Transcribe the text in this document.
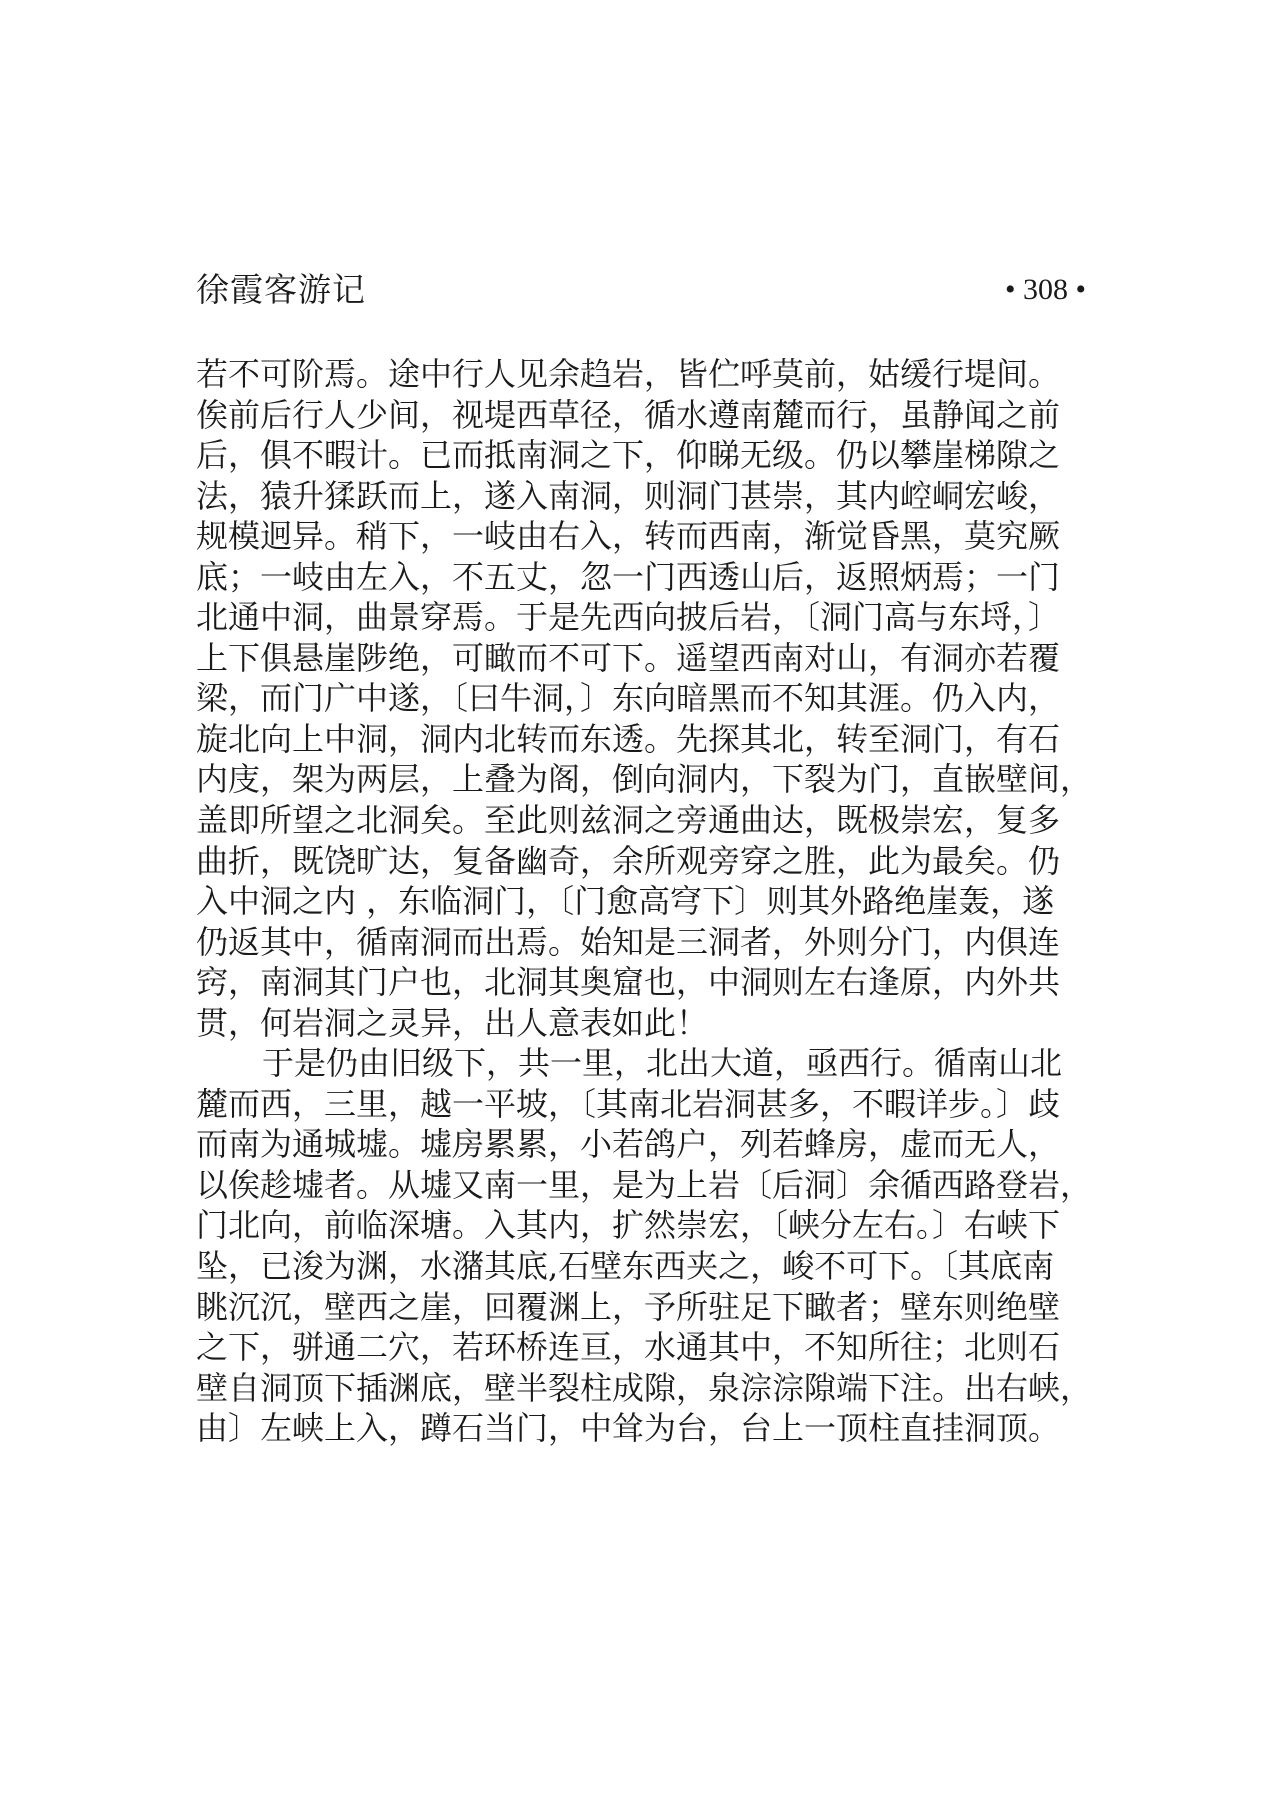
徐霞客游记	• 308 •
若不可阶焉。途中行人见余趋岩，皆伫呼莫前，姑缓行堤间。
俟前后行人少间，视堤西草径，循水遵南麓而行，虽静闻之前
后，俱不暇计。已而抵南洞之下，仰睇无级。仍以攀崖梯隙之
法，猿升猱跃而上，遂入南洞，则洞门甚崇，其内崆峒宏峻，
规模迥异。稍下，一岐由右入，转而西南，渐觉昏黑，莫究厥
底；一岐由左入，不五丈，忽一门西透山后，返照炳焉；一门
北通中洞，曲景穿焉。于是先西向披后岩，〔洞门高与东埒，〕
上下俱悬崖陟绝，可瞰而不可下。遥望西南对山，有洞亦若覆
梁，而门广中遂，〔曰牛洞，〕东向暗黑而不知其涯。仍入内，
旋北向上中洞，洞内北转而东透。先探其北，转至洞门，有石
内庋，架为两层，上叠为阁，倒向洞内，下裂为门，直嵌壁间，
盖即所望之北洞矣。至此则兹洞之旁通曲达，既极崇宏，复多
曲折，既饶旷达，复备幽奇，余所观旁穿之胜，此为最矣。仍
入中洞之内 ，东临洞门，〔门愈高穹下〕则其外路绝崖轰，遂
仍返其中，循南洞而出焉。始知是三洞者，外则分门，内俱连
窍，南洞其门户也，北洞其奥窟也，中洞则左右逢原，内外共
贯，何岩洞之灵异，出人意表如此！
于是仍由旧级下，共一里，北出大道，亟西行。循南山北
麓而西，三里，越一平坡，〔其南北岩洞甚多，不暇详步。〕歧
而南为通城墟。墟房累累，小若鸽户，列若蜂房，虚而无人，
以俟趁墟者。从墟又南一里，是为上岩〔后洞〕余循西路登岩，
门北向，前临深塘。入其内，扩然崇宏，〔峡分左右。〕右峡下
坠，已浚为渊，水潴其底,石壁东西夹之，峻不可下。〔其底南
眺沉沉，壁西之崖，回覆渊上，予所驻足下瞰者；壁东则绝壁
之下，骈通二穴，若环桥连亘，水通其中，不知所往；北则石
壁自洞顶下插渊底，壁半裂柱成隙，泉淙淙隙端下注。出右峡，
由〕左峡上入，蹲石当门，中耸为台，台上一顶柱直挂洞顶。
